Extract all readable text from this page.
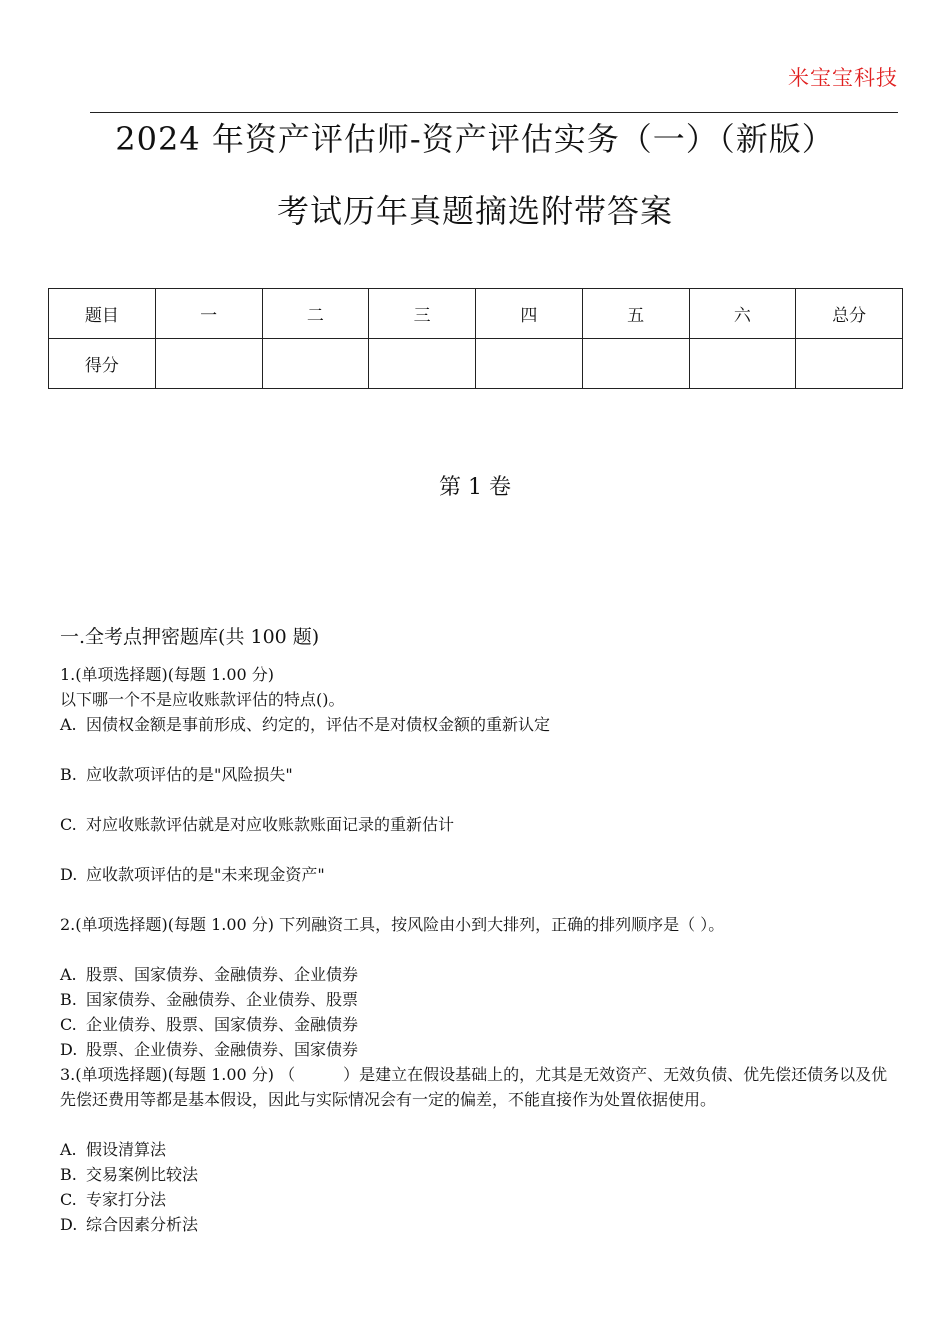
米宝宝科技
2024 年资产评估师-资产评估实务（一）（新版）
考试历年真题摘选附带答案
题目	一	二	三	四	五	六	总分
得分							
第 1 卷
一.全考点押密题库(共 100 题)

1.(单项选择题)(每题 1.00 分)

以下哪一个不是应收账款评估的特点()。

A. 因债权金额是事前形成、约定的，评估不是对债权金额的重新认定

B. 应收款项评估的是"风险损失"

C. 对应收账款评估就是对应收账款账面记录的重新估计

D. 应收款项评估的是"未来现金资产"

2.(单项选择题)(每题 1.00 分) 下列融资工具，按风险由小到大排列，正确的排列顺序是（ ）。

A. 股票、国家债券、金融债券、企业债券

B. 国家债券、金融债券、企业债券、股票

C. 企业债券、股票、国家债券、金融债券

D. 股票、企业债券、金融债券、国家债券

3.(单项选择题)(每题 1.00 分) （　　　）是建立在假设基础上的，尤其是无效资产、无效负债、优先偿还债务以及优先偿还费用等都是基本假设，因此与实际情况会有一定的偏差，不能直接作为处置依据使用。

A. 假设清算法

B. 交易案例比较法

C. 专家打分法

D. 综合因素分析法
